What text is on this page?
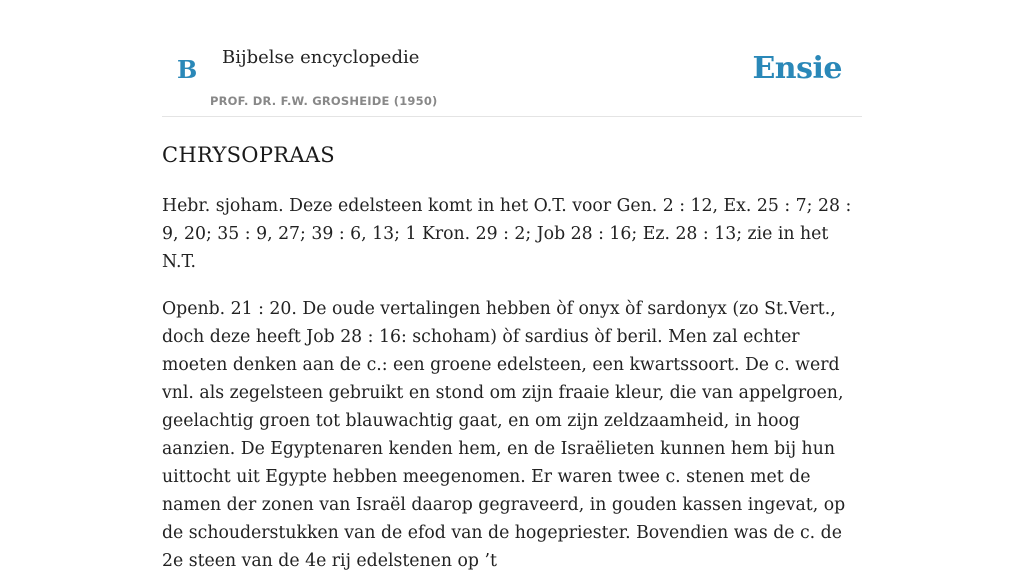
B Bijbelse encyclopedie
PROF. DR. F.W. GROSHEIDE (1950)
Ensie
CHRYSOPRAAS

Hebr. sjoham. Deze edelsteen komt in het O.T. voor Gen. 2 : 12, Ex. 25 : 7; 28 : 9, 20; 35 : 9, 27; 39 : 6, 13; 1 Kron. 29 : 2; Job 28 : 16; Ez. 28 : 13; zie in het N.T.

Openb. 21 : 20. De oude vertalingen hebben òf onyx òf sardonyx (zo St.Vert., doch deze heeft Job 28 : 16: schoham) òf sardius òf beril. Men zal echter moeten denken aan de c.: een groene edelsteen, een kwartssoort. De c. werd vnl. als zegelsteen gebruikt en stond om zijn fraaie kleur, die van appelgroen, geelachtig groen tot blauwachtig gaat, en om zijn zeldzaamheid, in hoog aanzien. De Egyptenaren kenden hem, en de Israëlieten kunnen hem bij hun uittocht uit Egypte hebben meegenomen. Er waren twee c. stenen met de namen der zonen van Israël daarop gegraveerd, in gouden kassen ingevat, op de schouderstukken van de efod van de hogepriester. Bovendien was de c. de 2e steen van de 4e rij edelstenen op ’t
